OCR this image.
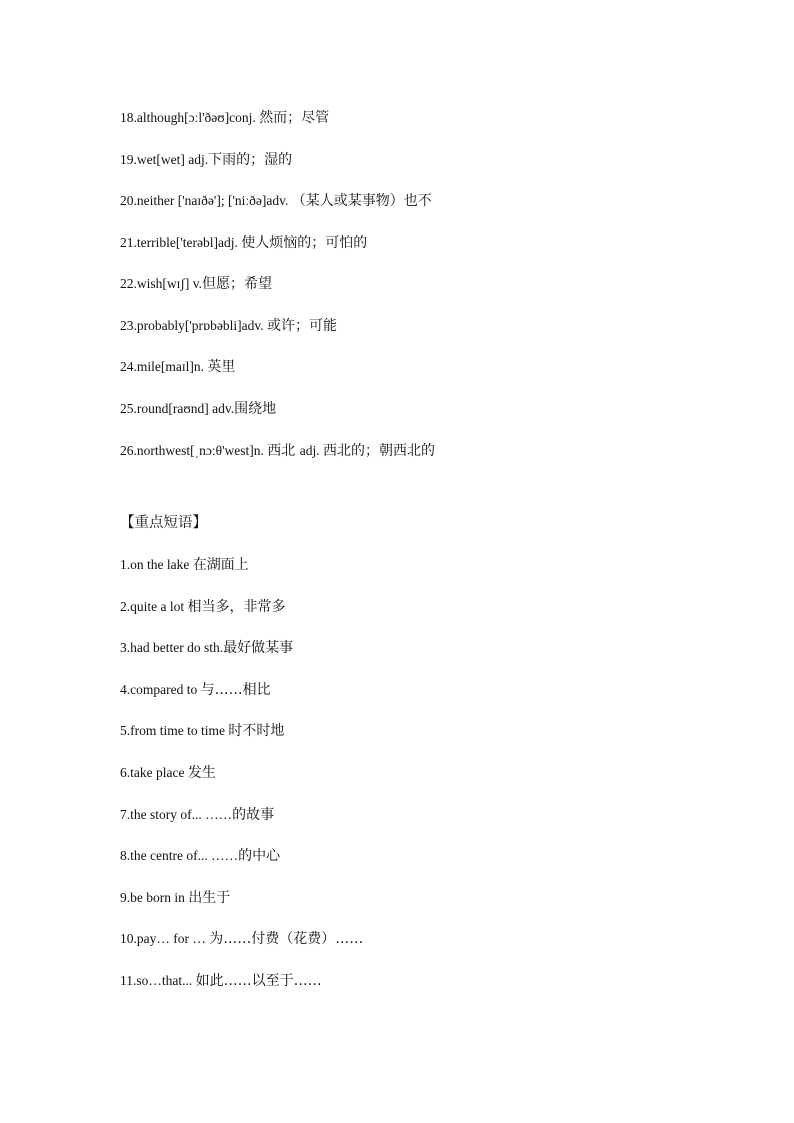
18.although[ɔːl'ðəʊ]conj. 然而；尽管
19.wet[wet] adj.下雨的；湿的
20.neither ['naɪðə']; ['niːðə]adv. （某人或某事物）也不
21.terrible['terəbl]adj. 使人烦恼的；可怕的
22.wish[wɪʃ] v.但愿；希望
23.probably['prɒbəbli]adv. 或许；可能
24.mile[maɪl]n. 英里
25.round[raʊnd] adv.围绕地
26.northwest[ˌnɔːθ'west]n. 西北 adj. 西北的；朝西北的
【重点短语】
1.on the lake 在湖面上
2.quite a lot 相当多，非常多
3.had better do sth.最好做某事
4.compared to 与……相比
5.from time to time 时不时地
6.take place 发生
7.the story of... ……的故事
8.the centre of... ……的中心
9.be born in 出生于
10.pay… for … 为……付费（花费）……
11.so…that... 如此……以至于……
